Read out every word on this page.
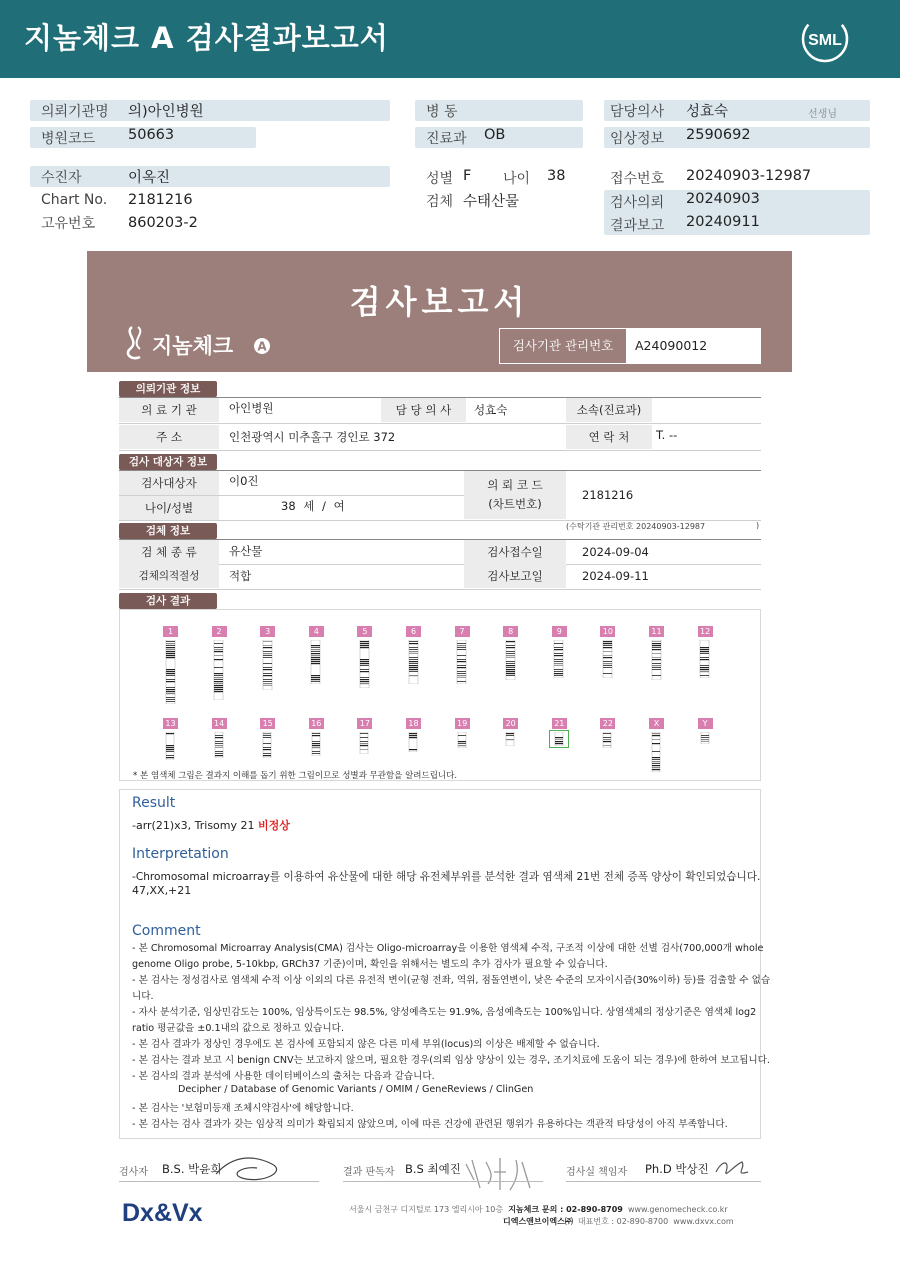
지놈체크 A 검사결과보고서	SML
의뢰기관명 의)아인병원
병원코드 50663
병 동
진료과 OB
담당의사 성효숙	선생님
임상정보 2590692
수진자	이옥진
Chart No. 2181216
고유번호 860203-2
성별 F 나이 38
검체 수태산물
접수번호 20240903-12987
검사의뢰 20240903
결과보고 20240911
검사보고서
지놈체크 A	검사기관 관리번호	A24090012
의뢰기관 정보
의 료 기 관	아인병원	담 당 의 사	성효숙	소속(진료과)
주 소	인천광역시 미추홀구 경인로 372	연 락 처	T. --
검사 대상자 정보
검사대상자	이0진
나이/성별	38 세 / 여
의 뢰 코 드
(차트번호)
2181216
검체 정보	(수탁기관 관리번호 20240903-12987	)
검 체 종 류	유산물	검사접수일	2024-09-04
검체의적절성	적합	검사보고일	2024-09-11
검사 결과
1	2	3	4	5	6	7	8	9	10	11	12
13	14	15	16	17	18	19	20	21	22	X	Y
* 본 염색체 그림은 결과지 이해를 돕기 위한 그림이므로 성별과 무관함을 알려드립니다.
Result
-arr(21)x3, Trisomy 21 비정상
Interpretation
-Chromosomal microarray를 이용하여 유산물에 대한 해당 유전체부위를 분석한 결과 염색체 21번 전체 증폭 양상이 확인되었습니다.
47,XX,+21
Comment
- 본 Chromosomal Microarray Analysis(CMA) 검사는 Oligo-microarray을 이용한 염색체 수적, 구조적 이상에 대한 선별 검사(700,000개 whole
genome Oligo probe, 5-10kbp, GRCh37 기준)이며, 확인을 위해서는 별도의 추가 검사가 필요할 수 있습니다.
- 본 검사는 정성검사로 염색체 수적 이상 이외의 다른 유전적 변이(균형 전좌, 역위, 점돌연변이, 낮은 수준의 모자이시즘(30%이하) 등)를 검출할 수 없습
니다.
- 자사 분석기준, 임상민감도는 100%, 임상특이도는 98.5%, 양성예측도는 91.9%, 음성예측도는 100%입니다. 상염색체의 정상기준은 염색체 log2
ratio 평균값을 ±0.1내의 값으로 정하고 있습니다.
- 본 검사 결과가 정상인 경우에도 본 검사에 포함되지 않은 다른 미세 부위(locus)의 이상은 배제할 수 없습니다.
- 본 검사는 결과 보고 시 benign CNV는 보고하지 않으며, 필요한 경우(의뢰 임상 양상이 있는 경우, 조기치료에 도움이 되는 경우)에 한하여 보고됩니다.
- 본 검사의 결과 분석에 사용한 데이터베이스의 출처는 다음과 같습니다.
Decipher / Database of Genomic Variants / OMIM / GeneReviews / ClinGen
- 본 검사는 '보험미등재 조체시약검사'에 해당합니다.
- 본 검사는 검사 결과가 갖는 임상적 의미가 확립되지 않았으며, 이에 따른 건강에 관련된 행위가 유용하다는 객관적 타당성이 아직 부족합니다.
검사자 B.S. 박윤희	결과 판독자 B.S 최예진	검사실 책임자 Ph.D 박상진
Dx&Vx	서울시 금천구 디지털로 173 엘리시아 10층 지놈체크 문의 : 02-890-8709 www.genomecheck.co.kr
디엑스앤브이엑스㈜ 대표번호 : 02-890-8700 www.dxvx.com
